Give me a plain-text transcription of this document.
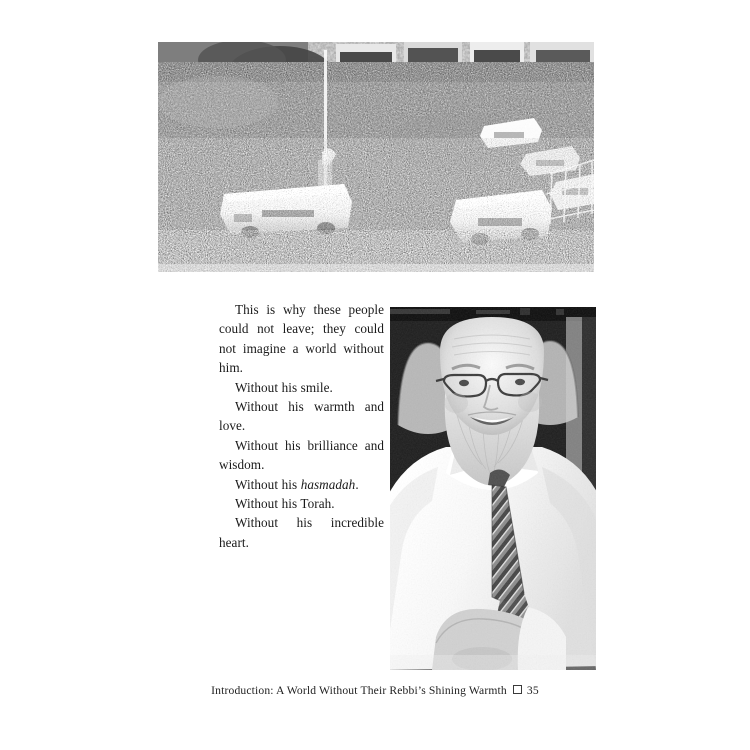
This is why these people could not leave; they could not imagine a world without him.

Without his smile.

Without his warmth and love.

Without his brilliance and wisdom.

Without his hasmadah.

Without his Torah.

Without his incredible heart.

Introduction: A World Without Their Rebbi’s Shining Warmth 35
